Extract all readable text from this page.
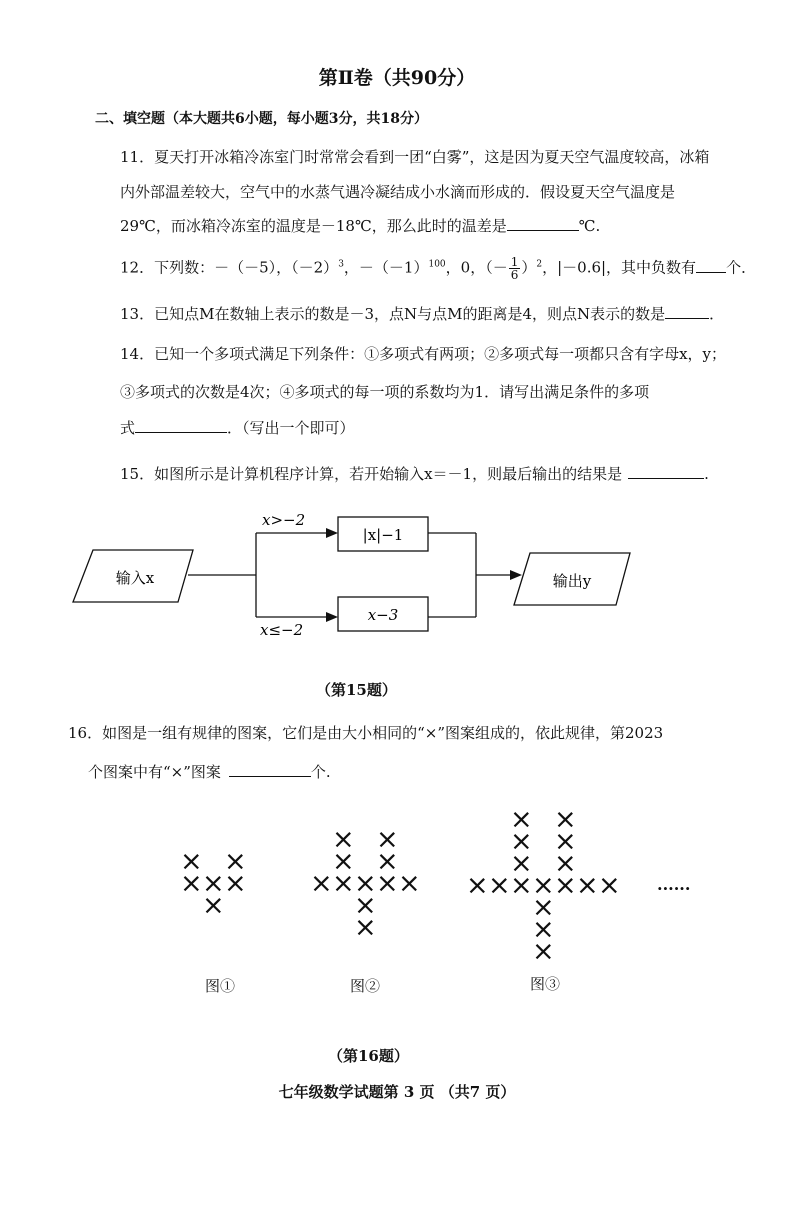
第Ⅱ卷（共90分）
二、填空题（本大题共6小题，每小题3分，共18分）
11．夏天打开冰箱冷冻室门时常常会看到一团“白雾”，这是因为夏天空气温度较高，冰箱
内外部温差较大，空气中的水蒸气遇冷凝结成小水滴而形成的．假设夏天空气温度是
29℃，而冰箱冷冻室的温度是－18℃，那么此时的温差是	℃.
12．下列数：－（－5），$(-2)^3$，$-(-1)^{100}$，0，（－ $\frac{1}{6} )^2$，|－0.6|，其中负数有 个．
13．已知点M在数轴上表示的数是－3，点N与点M的距离是4，则点N表示的数是	．
14．已知一个多项式满足下列条件：①多项式有两项；②多项式每一项都只含有字母x，y；
③多项式的次数是4次；④多项式的每一项的系数均为1．请写出满足条件的多项
式	．（写出一个即可）
15．如图所示是计算机程序计算，若开始输入x＝－1，则最后输出的结果是	.
输入x
x>−2
|x|−1
x≤−2
x−3
输出y
（第15题）
16．如图是一组有规律的图案，它们是由大小相同的“×”图案组成的，依此规律，第2023
个图案中有“×”图案	个.
× × ×
×
× ×
× × × × ×
×
×
× ×
× ×
× × × × × × ×
×
×
×
× ×
× ×
× ×
......
图①	图②	图③
（第16题）
七年级数学试题第 3 页 （共7 页）
